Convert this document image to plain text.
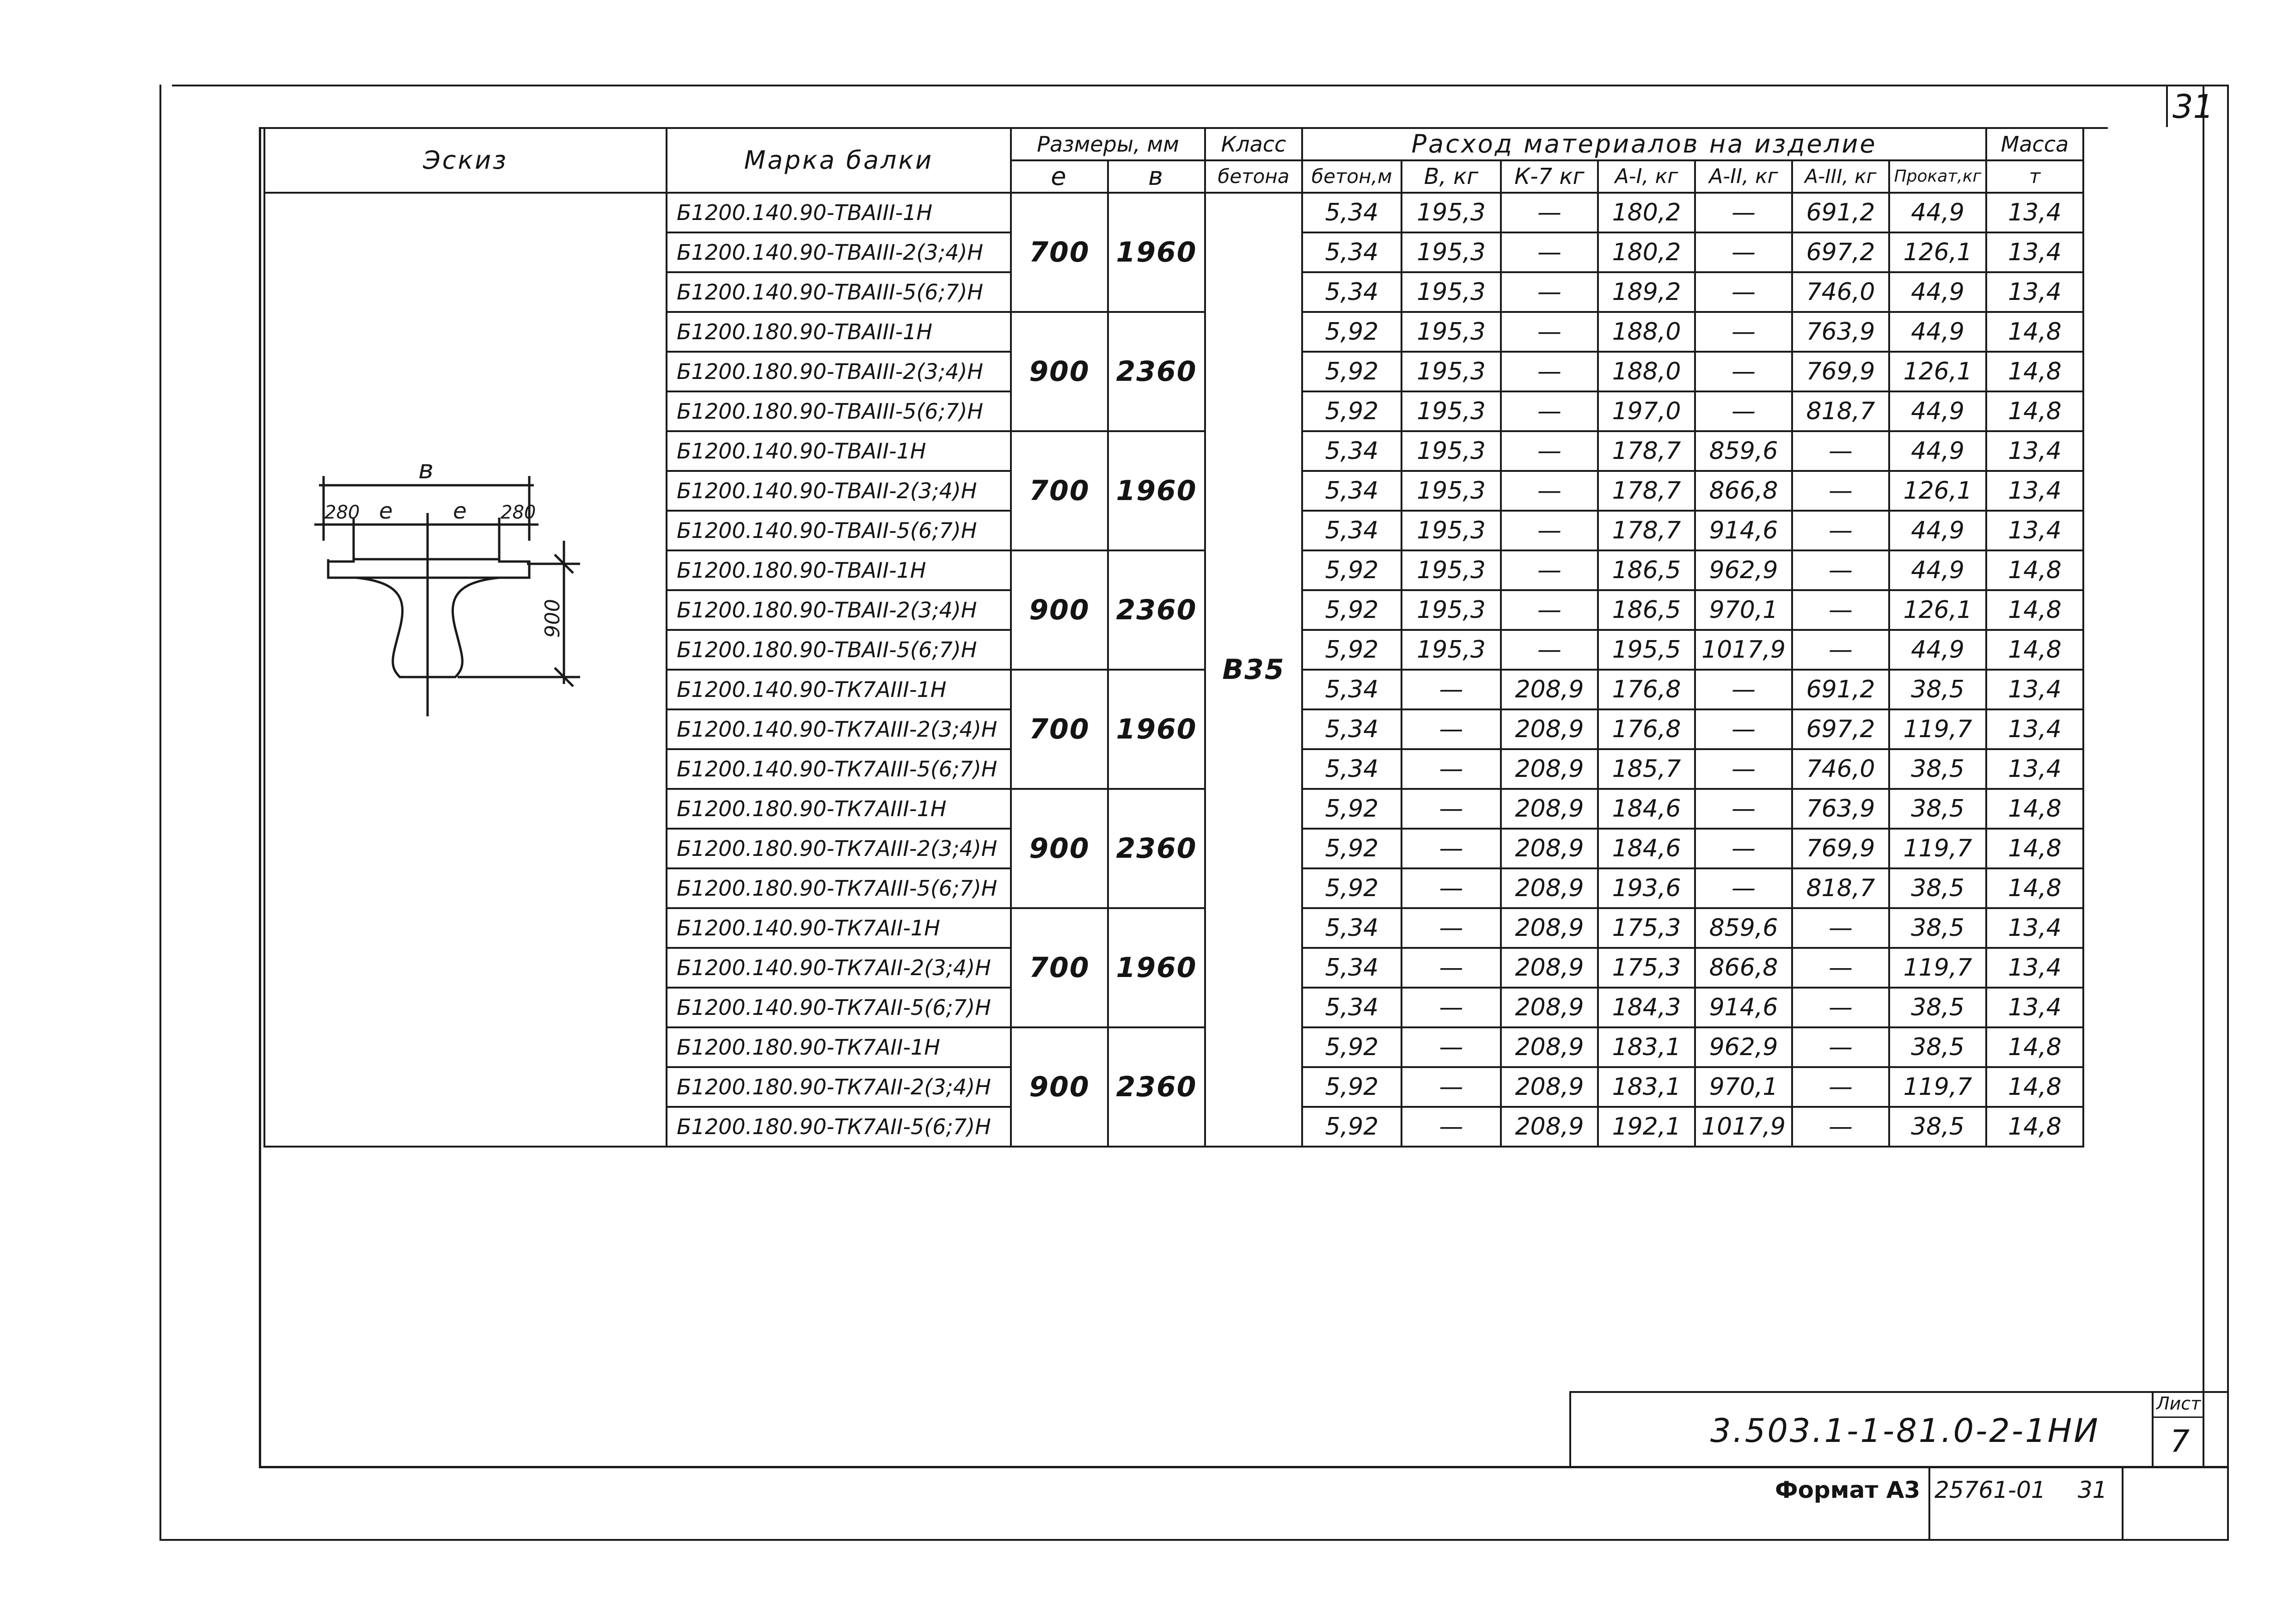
31
Эскиз	Марка балки	Размеры, мм		Класс	Расход материалов на изделие							Масса
		е	в	бетона	бетон,м	В, кг	К-7 кг	А-I, кг	А-II, кг	А-III, кг	Прокат,кг	т
	Б1200.140.90-ТВАIII-1Н	700	1960	В35	5,34	195,3	—	180,2	—	691,2	44,9	13,4
	Б1200.140.90-ТВАIII-2(3;4)Н				5,34	195,3	—	180,2	—	697,2	126,1	13,4
	Б1200.140.90-ТВАIII-5(6;7)Н				5,34	195,3	—	189,2	—	746,0	44,9	13,4
	Б1200.180.90-ТВАIII-1Н	900	2360		5,92	195,3	—	188,0	—	763,9	44,9	14,8
	Б1200.180.90-ТВАIII-2(3;4)Н				5,92	195,3	—	188,0	—	769,9	126,1	14,8
	Б1200.180.90-ТВАIII-5(6;7)Н				5,92	195,3	—	197,0	—	818,7	44,9	14,8
	Б1200.140.90-ТВАII-1Н	700	1960		5,34	195,3	—	178,7	859,6	—	44,9	13,4
	Б1200.140.90-ТВАII-2(3;4)Н				5,34	195,3	—	178,7	866,8	—	126,1	13,4
	Б1200.140.90-ТВАII-5(6;7)Н				5,34	195,3	—	178,7	914,6	—	44,9	13,4
	Б1200.180.90-ТВАII-1Н	900	2360		5,92	195,3	—	186,5	962,9	—	44,9	14,8
	Б1200.180.90-ТВАII-2(3;4)Н				5,92	195,3	—	186,5	970,1	—	126,1	14,8
	Б1200.180.90-ТВАII-5(6;7)Н				5,92	195,3	—	195,5	1017,9	—	44,9	14,8
	Б1200.140.90-ТК7АIII-1Н	700	1960		5,34	—	208,9	176,8	—	691,2	38,5	13,4
	Б1200.140.90-ТК7АIII-2(3;4)Н				5,34	—	208,9	176,8	—	697,2	119,7	13,4
	Б1200.140.90-ТК7АIII-5(6;7)Н				5,34	—	208,9	185,7	—	746,0	38,5	13,4
	Б1200.180.90-ТК7АIII-1Н	900	2360		5,92	—	208,9	184,6	—	763,9	38,5	14,8
	Б1200.180.90-ТК7АIII-2(3;4)Н				5,92	—	208,9	184,6	—	769,9	119,7	14,8
	Б1200.180.90-ТК7АIII-5(6;7)Н				5,92	—	208,9	193,6	—	818,7	38,5	14,8
	Б1200.140.90-ТК7АII-1Н	700	1960		5,34	—	208,9	175,3	859,6	—	38,5	13,4
	Б1200.140.90-ТК7АII-2(3;4)Н				5,34	—	208,9	175,3	866,8	—	119,7	13,4
	Б1200.140.90-ТК7АII-5(6;7)Н				5,34	—	208,9	184,3	914,6	—	38,5	13,4
	Б1200.180.90-ТК7АII-1Н	900	2360		5,92	—	208,9	183,1	962,9	—	38,5	14,8
	Б1200.180.90-ТК7АII-2(3;4)Н				5,92	—	208,9	183,1	970,1	—	119,7	14,8
	Б1200.180.90-ТК7АII-5(6;7)Н				5,92	—	208,9	192,1	1017,9	—	38,5	14,8
в
280 е	е 280
900
3.503.1-1-81.0-2-1НИ
Лист
7
Формат А3 25761-01 31
